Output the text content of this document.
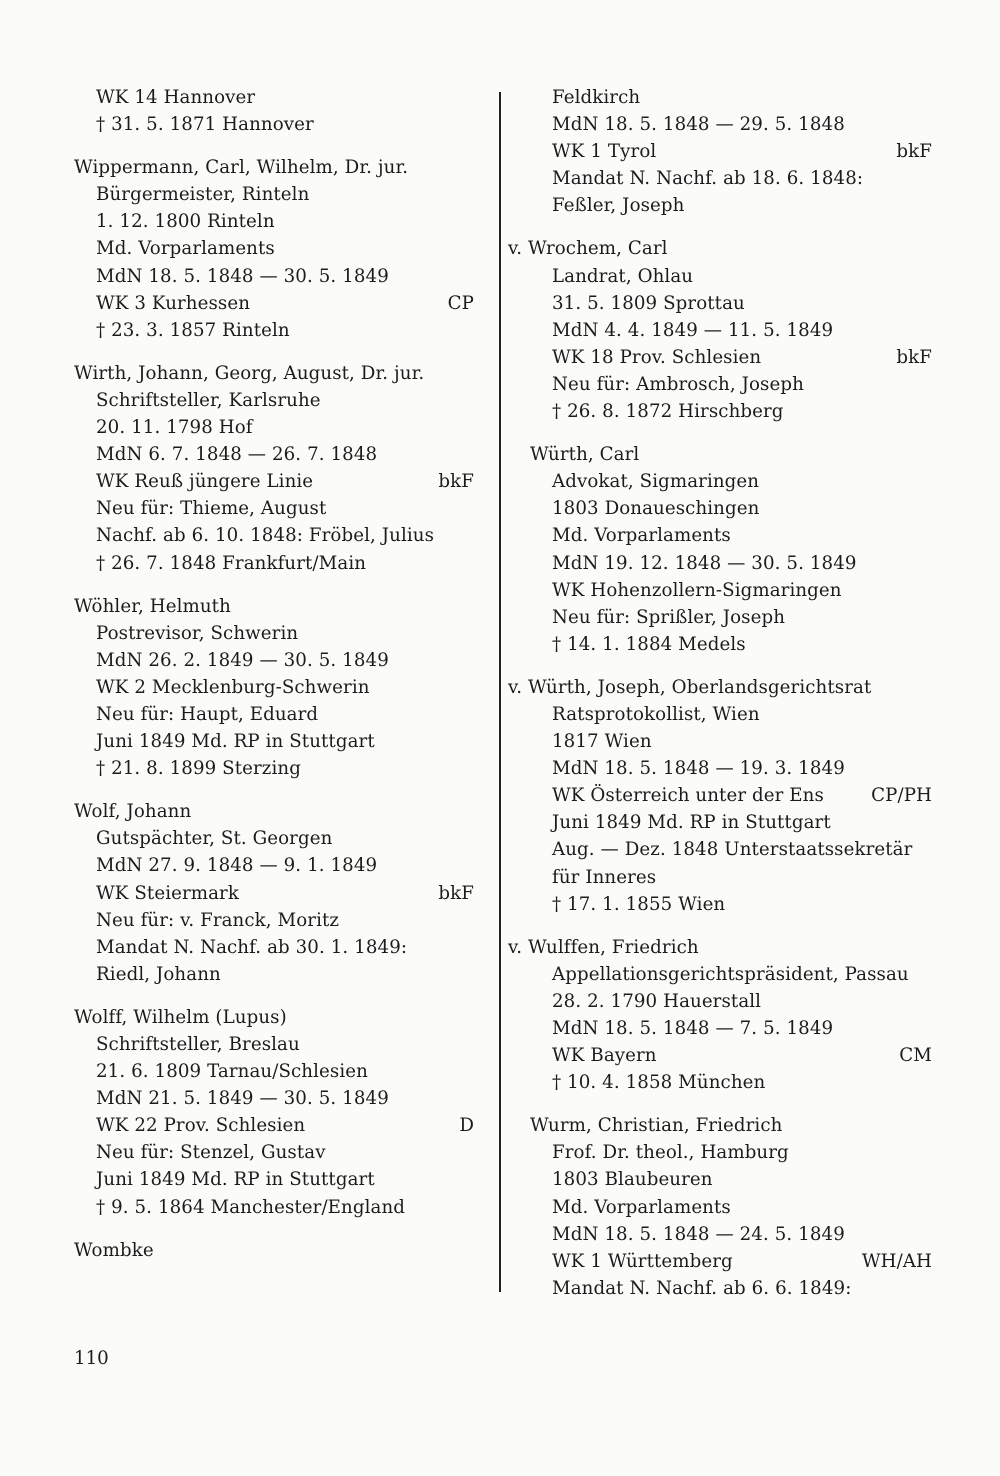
WK 14 Hannover
† 31. 5. 1871 Hannover
Wippermann, Carl, Wilhelm, Dr. jur.
Bürgermeister, Rinteln
1. 12. 1800 Rinteln
Md. Vorparlaments
MdN 18. 5. 1848 — 30. 5. 1849
WK 3 Kurhessen	CP
† 23. 3. 1857 Rinteln
Wirth, Johann, Georg, August, Dr. jur.
Schriftsteller, Karlsruhe
20. 11. 1798 Hof
MdN 6. 7. 1848 — 26. 7. 1848
WK Reuß jüngere Linie	bkF
Neu für: Thieme, August
Nachf. ab 6. 10. 1848: Fröbel, Julius
† 26. 7. 1848 Frankfurt/Main
Wöhler, Helmuth
Postrevisor, Schwerin
MdN 26. 2. 1849 — 30. 5. 1849
WK 2 Mecklenburg-Schwerin
Neu für: Haupt, Eduard
Juni 1849 Md. RP in Stuttgart
† 21. 8. 1899 Sterzing
Wolf, Johann
Gutspächter, St. Georgen
MdN 27. 9. 1848 — 9. 1. 1849
WK Steiermark	bkF
Neu für: v. Franck, Moritz
Mandat N. Nachf. ab 30. 1. 1849:
Riedl, Johann
Wolff, Wilhelm (Lupus)
Schriftsteller, Breslau
21. 6. 1809 Tarnau/Schlesien
MdN 21. 5. 1849 — 30. 5. 1849
WK 22 Prov. Schlesien	D
Neu für: Stenzel, Gustav
Juni 1849 Md. RP in Stuttgart
† 9. 5. 1864 Manchester/England
Wombke
Feldkirch
MdN 18. 5. 1848 — 29. 5. 1848
WK 1 Tyrol	bkF
Mandat N. Nachf. ab 18. 6. 1848:
Feßler, Joseph
v. Wrochem, Carl
Landrat, Ohlau
31. 5. 1809 Sprottau
MdN 4. 4. 1849 — 11. 5. 1849
WK 18 Prov. Schlesien	bkF
Neu für: Ambrosch, Joseph
† 26. 8. 1872 Hirschberg
Würth, Carl
Advokat, Sigmaringen
1803 Donaueschingen
Md. Vorparlaments
MdN 19. 12. 1848 — 30. 5. 1849
WK Hohenzollern-Sigmaringen
Neu für: Sprißler, Joseph
† 14. 1. 1884 Medels
v. Würth, Joseph, Oberlandsgerichtsrat
Ratsprotokollist, Wien
1817 Wien
MdN 18. 5. 1848 — 19. 3. 1849
WK Österreich unter der Ens	CP/PH
Juni 1849 Md. RP in Stuttgart
Aug. — Dez. 1848 Unterstaatssekretär
für Inneres
† 17. 1. 1855 Wien
v. Wulffen, Friedrich
Appellationsgerichtspräsident, Passau
28. 2. 1790 Hauerstall
MdN 18. 5. 1848 — 7. 5. 1849
WK Bayern	CM
† 10. 4. 1858 München
Wurm, Christian, Friedrich
Frof. Dr. theol., Hamburg
1803 Blaubeuren
Md. Vorparlaments
MdN 18. 5. 1848 — 24. 5. 1849
WK 1 Württemberg	WH/AH
Mandat N. Nachf. ab 6. 6. 1849:
110
